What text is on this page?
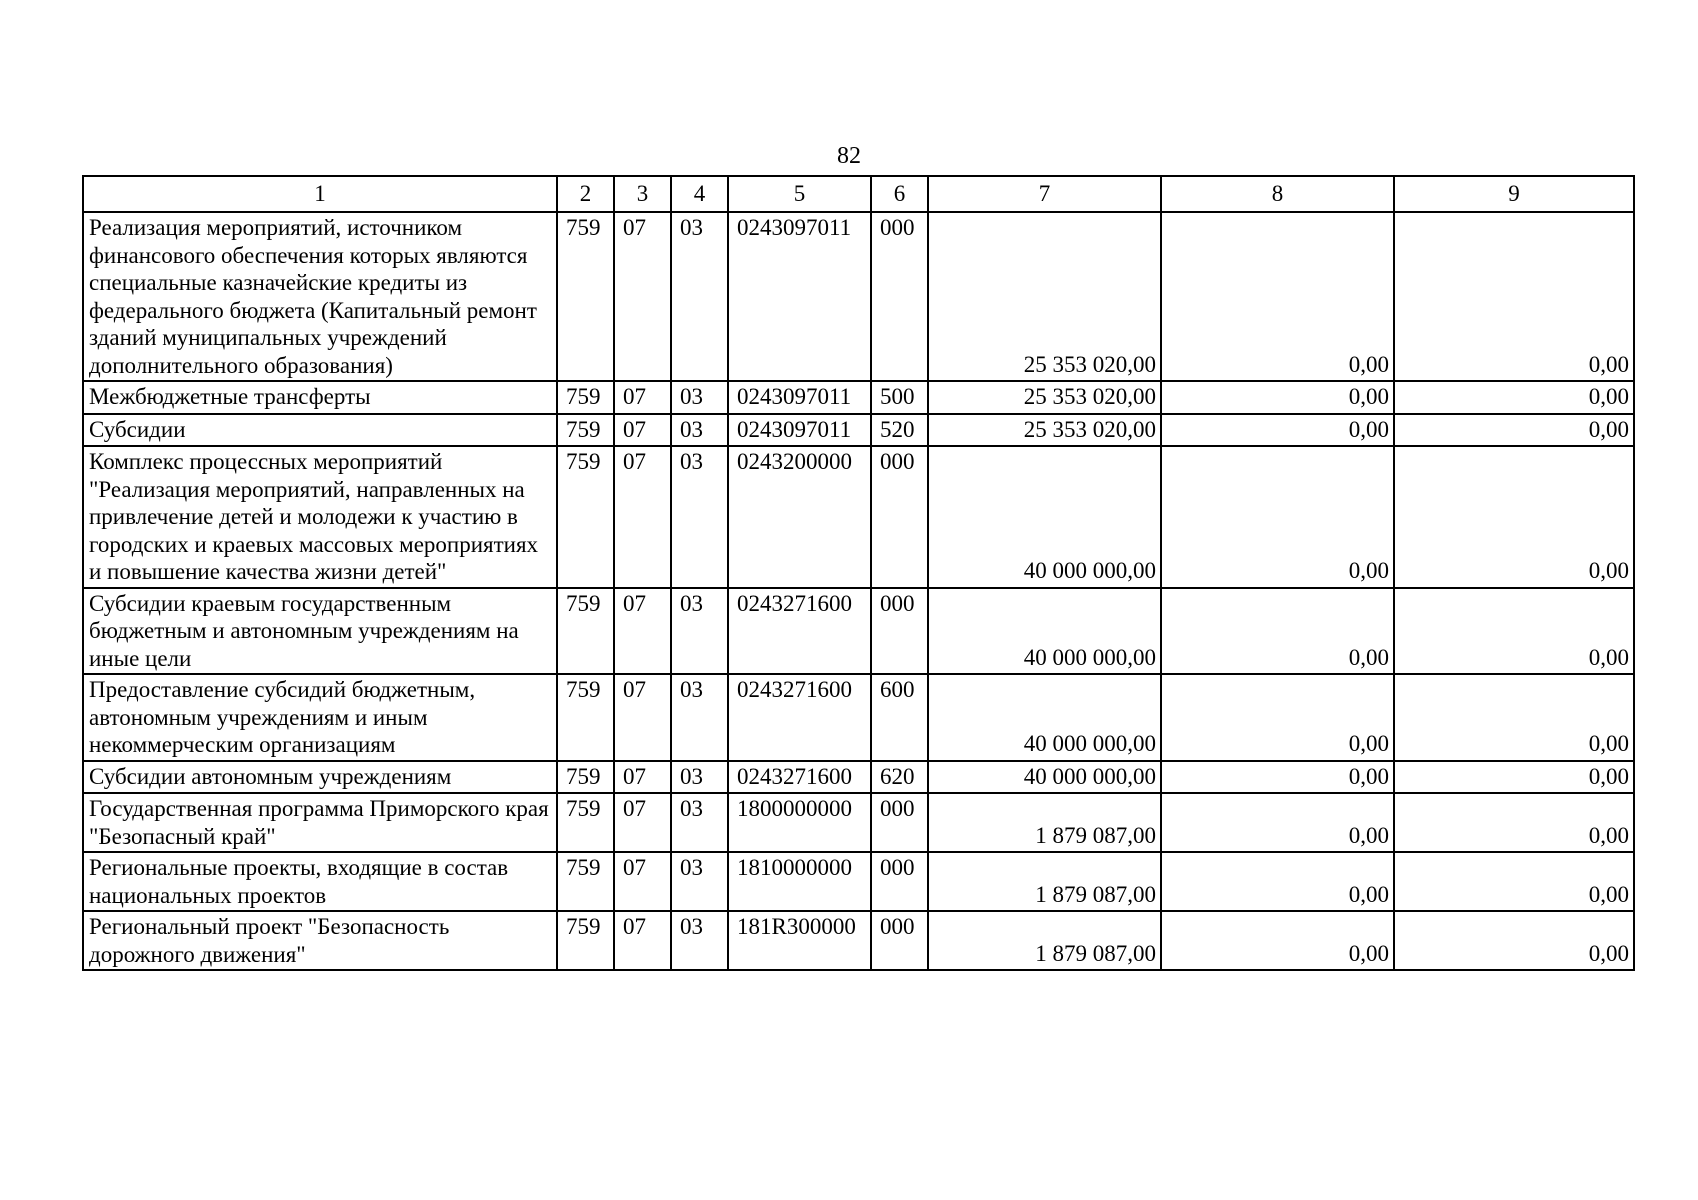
82
1	2	3	4	5	6	7	8	9
Реализация мероприятий, источником финансового обеспечения которых являются специальные казначейские кредиты из федерального бюджета (Капитальный ремонт зданий муниципальных учреждений дополнительного образования)	759	07	03	0243097011	000	25 353 020,00	0,00	0,00
Межбюджетные трансферты	759	07	03	0243097011	500	25 353 020,00	0,00	0,00
Субсидии	759	07	03	0243097011	520	25 353 020,00	0,00	0,00
Комплекс процессных мероприятий "Реализация мероприятий, направленных на привлечение детей и молодежи к участию в городских и краевых массовых мероприятиях и повышение качества жизни детей"	759	07	03	0243200000	000	40 000 000,00	0,00	0,00
Субсидии краевым государственным бюджетным и автономным учреждениям на иные цели	759	07	03	0243271600	000	40 000 000,00	0,00	0,00
Предоставление субсидий бюджетным, автономным учреждениям и иным некоммерческим организациям	759	07	03	0243271600	600	40 000 000,00	0,00	0,00
Субсидии автономным учреждениям	759	07	03	0243271600	620	40 000 000,00	0,00	0,00
Государственная программа Приморского края "Безопасный край"	759	07	03	1800000000	000	1 879 087,00	0,00	0,00
Региональные проекты, входящие в состав национальных проектов	759	07	03	1810000000	000	1 879 087,00	0,00	0,00
Региональный проект "Безопасность дорожного движения"	759	07	03	181R300000	000	1 879 087,00	0,00	0,00
